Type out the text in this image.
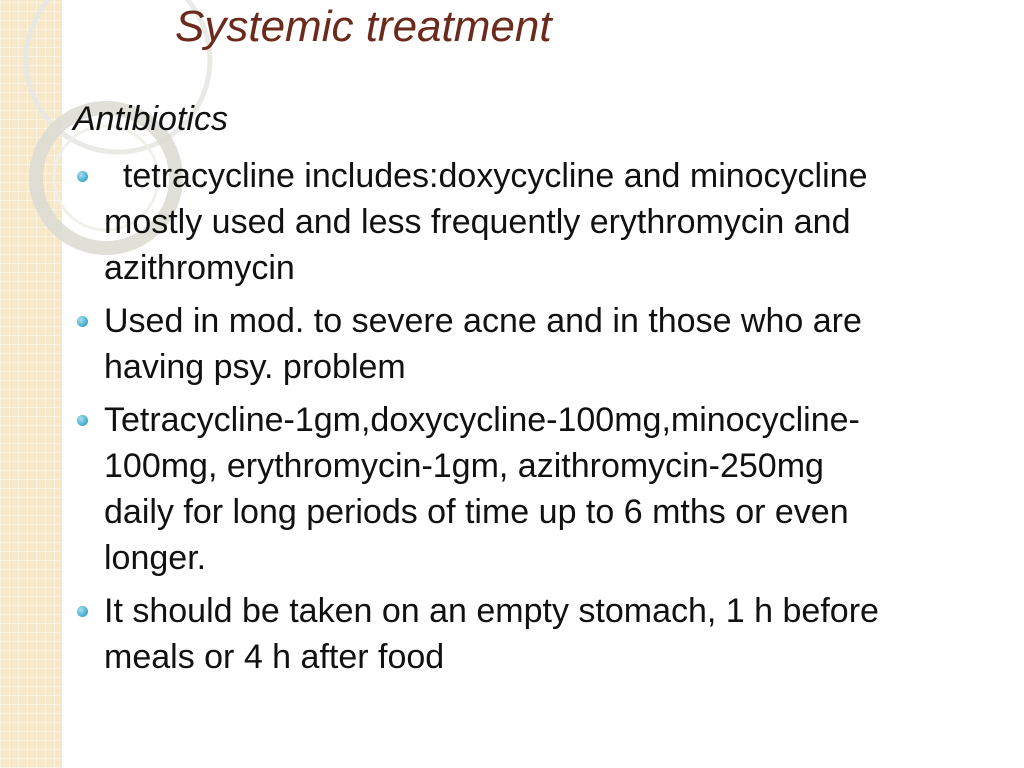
Systemic treatment
Antibiotics
tetracycline includes:doxycycline and minocycline mostly used and less frequently erythromycin and azithromycin
Used in mod. to severe acne and in those who are having psy. problem
Tetracycline-1gm,doxycycline-100mg,minocycline-100mg, erythromycin-1gm, azithromycin-250mg daily for long periods of time up to 6 mths or even longer.
It should be taken on an empty stomach, 1 h before meals or 4 h after food
